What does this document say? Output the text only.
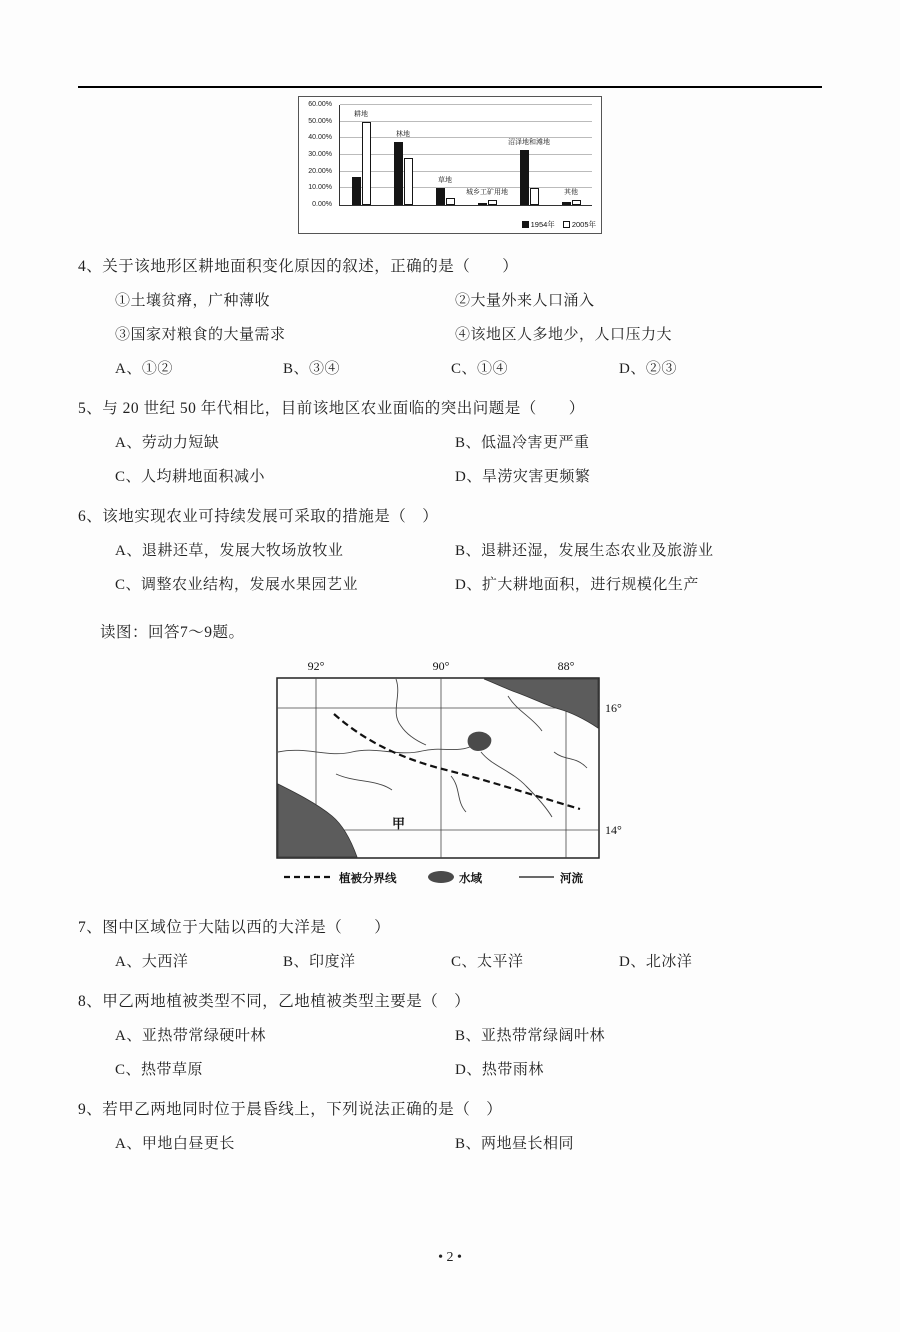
0.00%
10.00%
20.00%
30.00%
40.00%
50.00%
60.00%
耕地
林地
草地
城乡工矿用地
沼泽地和滩地
其他
1954年 2005年

4、关于该地形区耕地面积变化原因的叙述，正确的是（　　）

①土壤贫瘠，广种薄收	②大量外来人口涌入
③国家对粮食的大量需求	④该地区人多地少，人口压力大
A、①②	B、③④	C、①④	D、②③

5、与 20 世纪 50 年代相比，目前该地区农业面临的突出问题是（　　）

A、劳动力短缺	B、低温冷害更严重
C、人均耕地面积减小	D、旱涝灾害更频繁

6、该地实现农业可持续发展可采取的措施是（　）

A、退耕还草，发展大牧场放牧业	B、退耕还湿，发展生态农业及旅游业
C、调整农业结构，发展水果园艺业	D、扩大耕地面积，进行规模化生产

读图：回答7～9题。

92°	90°	88°
16°
14°
甲
植被分界线	水域	河流

7、图中区域位于大陆以西的大洋是（　　）

A、大西洋	B、印度洋	C、太平洋	D、北冰洋

8、甲乙两地植被类型不同，乙地植被类型主要是（　）

A、亚热带常绿硬叶林	B、亚热带常绿阔叶林
C、热带草原	D、热带雨林

9、若甲乙两地同时位于晨昏线上，下列说法正确的是（　）

A、甲地白昼更长	B、两地昼长相同
• 2 •
